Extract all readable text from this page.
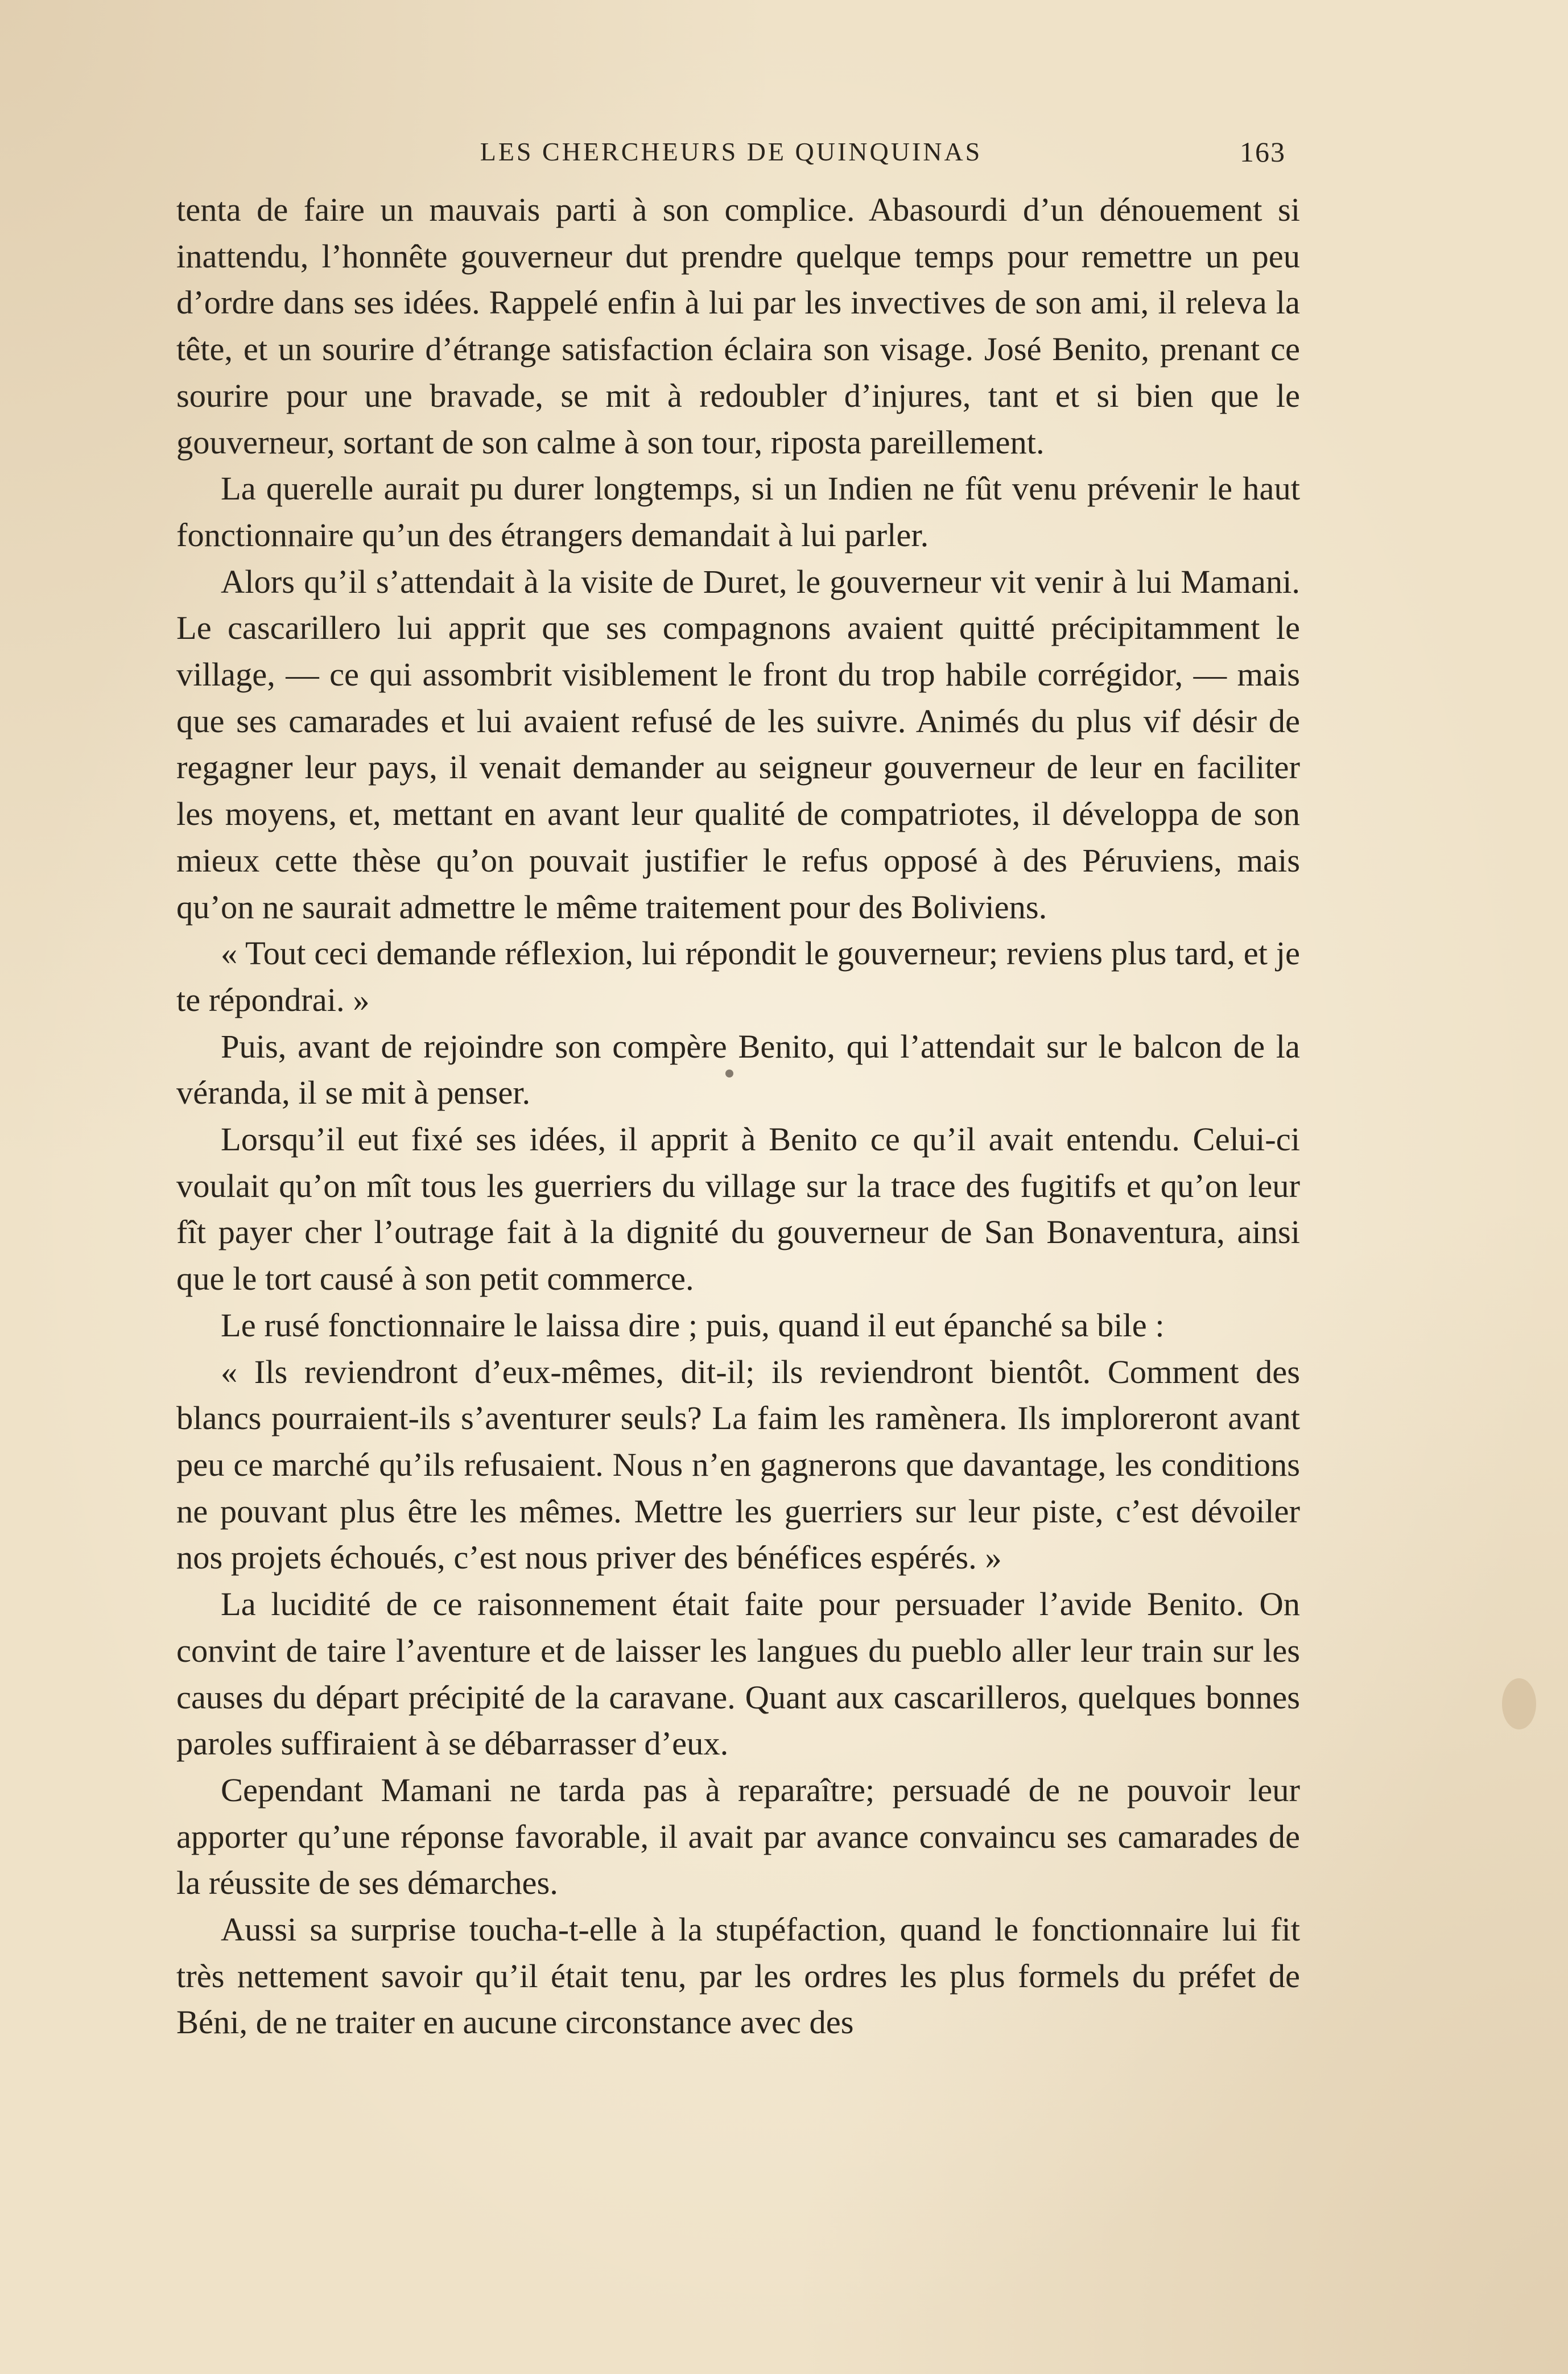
LES CHERCHEURS DE QUINQUINAS	163

tenta de faire un mauvais parti à son complice. Abasourdi d’un dénouement si inattendu, l’honnête gouverneur dut prendre quelque temps pour remettre un peu d’ordre dans ses idées. Rappelé enfin à lui par les invectives de son ami, il releva la tête, et un sourire d’étrange satisfaction éclaira son visage. José Benito, prenant ce sourire pour une bravade, se mit à redoubler d’injures, tant et si bien que le gouverneur, sortant de son calme à son tour, riposta pareillement.

La querelle aurait pu durer longtemps, si un Indien ne fût venu prévenir le haut fonctionnaire qu’un des étrangers demandait à lui parler.

Alors qu’il s’attendait à la visite de Duret, le gouverneur vit venir à lui Mamani. Le cascarillero lui apprit que ses compagnons avaient quitté précipitamment le village, — ce qui assombrit visiblement le front du trop habile corrégidor, — mais que ses camarades et lui avaient refusé de les suivre. Animés du plus vif désir de regagner leur pays, il venait demander au seigneur gouverneur de leur en faciliter les moyens, et, mettant en avant leur qualité de compatriotes, il développa de son mieux cette thèse qu’on pouvait justifier le refus opposé à des Péruviens, mais qu’on ne saurait admettre le même traitement pour des Boliviens.

« Tout ceci demande réflexion, lui répondit le gouverneur; reviens plus tard, et je te répondrai. »

Puis, avant de rejoindre son compère Benito, qui l’attendait sur le balcon de la véranda, il se mit à penser.

Lorsqu’il eut fixé ses idées, il apprit à Benito ce qu’il avait entendu. Celui-ci voulait qu’on mît tous les guerriers du village sur la trace des fugitifs et qu’on leur fît payer cher l’outrage fait à la dignité du gouverneur de San Bonaventura, ainsi que le tort causé à son petit commerce.

Le rusé fonctionnaire le laissa dire ; puis, quand il eut épanché sa bile :

« Ils reviendront d’eux-mêmes, dit-il; ils reviendront bientôt. Comment des blancs pourraient-ils s’aventurer seuls? La faim les ramènera. Ils imploreront avant peu ce marché qu’ils refusaient. Nous n’en gagnerons que davantage, les conditions ne pouvant plus être les mêmes. Mettre les guerriers sur leur piste, c’est dévoiler nos projets échoués, c’est nous priver des bénéfices espérés. »

La lucidité de ce raisonnement était faite pour persuader l’avide Benito. On convint de taire l’aventure et de laisser les langues du pueblo aller leur train sur les causes du départ précipité de la caravane. Quant aux cascarilleros, quelques bonnes paroles suffiraient à se débarrasser d’eux.

Cependant Mamani ne tarda pas à reparaître; persuadé de ne pouvoir leur apporter qu’une réponse favorable, il avait par avance convaincu ses camarades de la réussite de ses démarches.

Aussi sa surprise toucha-t-elle à la stupéfaction, quand le fonctionnaire lui fit très nettement savoir qu’il était tenu, par les ordres les plus formels du préfet de Béni, de ne traiter en aucune circonstance avec des
